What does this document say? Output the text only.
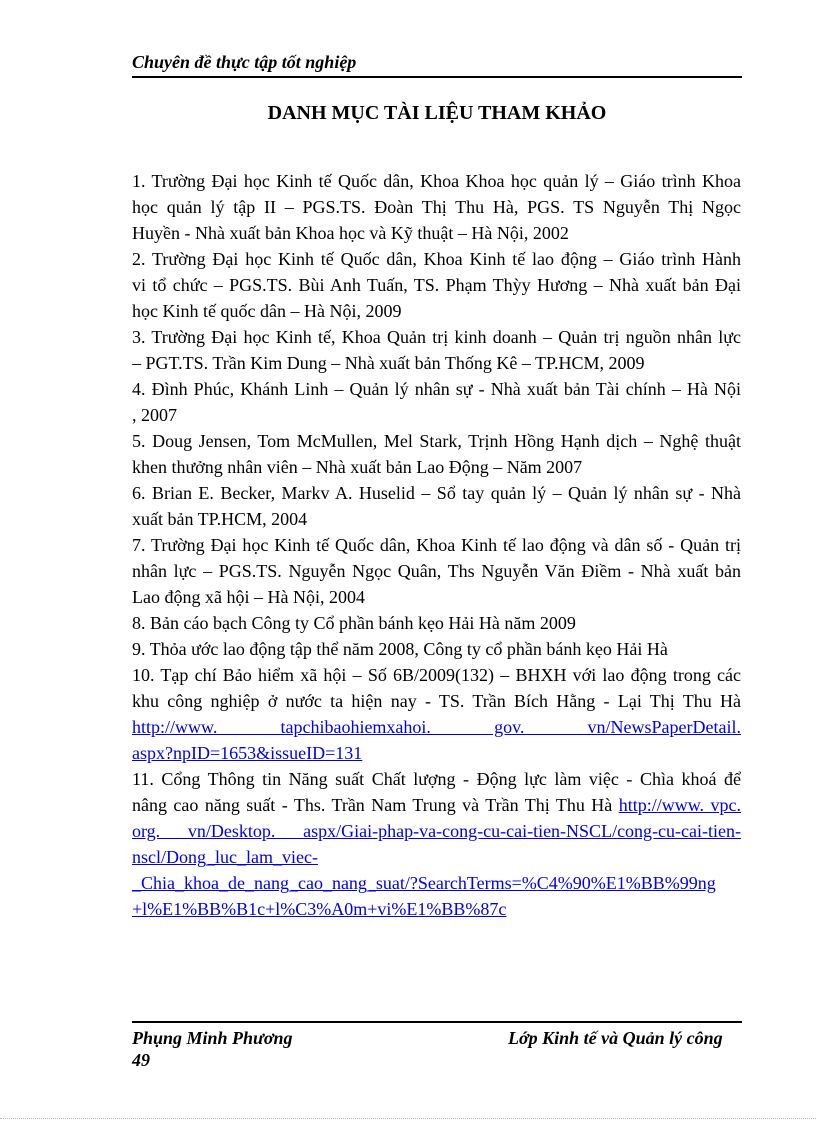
Chuyên đề thực tập tốt nghiệp
DANH MỤC TÀI LIỆU THAM KHẢO
1. Trường Đại học Kinh tế Quốc dân, Khoa Khoa học quản lý – Giáo trình Khoa
học quản lý tập II – PGS.TS. Đoàn Thị Thu Hà, PGS. TS Nguyễn Thị Ngọc
Huyền - Nhà xuất bản Khoa học và Kỹ thuật – Hà Nội, 2002
2. Trường Đại học Kinh tế Quốc dân, Khoa Kinh tế lao động – Giáo trình Hành
vi tổ chức – PGS.TS. Bùi Anh Tuấn, TS. Phạm Thỳy Hương – Nhà xuất bản Đại
học Kinh tế quốc dân – Hà Nội, 2009
3. Trường Đại học Kinh tế, Khoa Quản trị kinh doanh – Quản trị nguồn nhân lực
– PGT.TS. Trần Kim Dung – Nhà xuất bản Thống Kê – TP.HCM, 2009
4. Đình Phúc, Khánh Linh – Quản lý nhân sự - Nhà xuất bản Tài chính – Hà Nội
, 2007
5. Doug Jensen, Tom McMullen, Mel Stark, Trịnh Hồng Hạnh dịch – Nghệ thuật
khen thưởng nhân viên – Nhà xuất bản Lao Động – Năm 2007
6. Brian E. Becker, Markv A. Huselid – Sổ tay quản lý – Quản lý nhân sự - Nhà
xuất bản TP.HCM, 2004
7. Trường Đại học Kinh tế Quốc dân, Khoa Kinh tế lao động và dân số - Quản trị
nhân lực – PGS.TS. Nguyễn Ngọc Quân, Ths Nguyễn Văn Điềm - Nhà xuất bản
Lao động xã hội – Hà Nội, 2004
8. Bản cáo bạch Công ty Cổ phần bánh kẹo Hải Hà năm 2009
9. Thỏa ước lao động tập thể năm 2008, Công ty cổ phần bánh kẹo Hải Hà
10. Tạp chí Bảo hiểm xã hội – Số 6B/2009(132) – BHXH với lao động trong các
khu công nghiệp ở nước ta hiện nay - TS. Trần Bích Hằng - Lại Thị Thu Hà
http://www. tapchibaohiemxahoi. gov. vn/NewsPaperDetail.
aspx?npID=1653&issueID=131
11. Cổng Thông tin Năng suất Chất lượng - Động lực làm việc - Chìa khoá để
nâng cao năng suất - Ths. Trần Nam Trung và Trần Thị Thu Hà http://www. vpc.
org. vn/Desktop. aspx/Giai-phap-va-cong-cu-cai-tien-NSCL/cong-cu-cai-tien-
nscl/Dong_luc_lam_viec-
_Chia_khoa_de_nang_cao_nang_suat/?SearchTerms=%C4%90%E1%BB%99ng
+l%E1%BB%B1c+l%C3%A0m+vi%E1%BB%87c
Phụng Minh Phương	Lớp Kinh tế và Quản lý công
49
